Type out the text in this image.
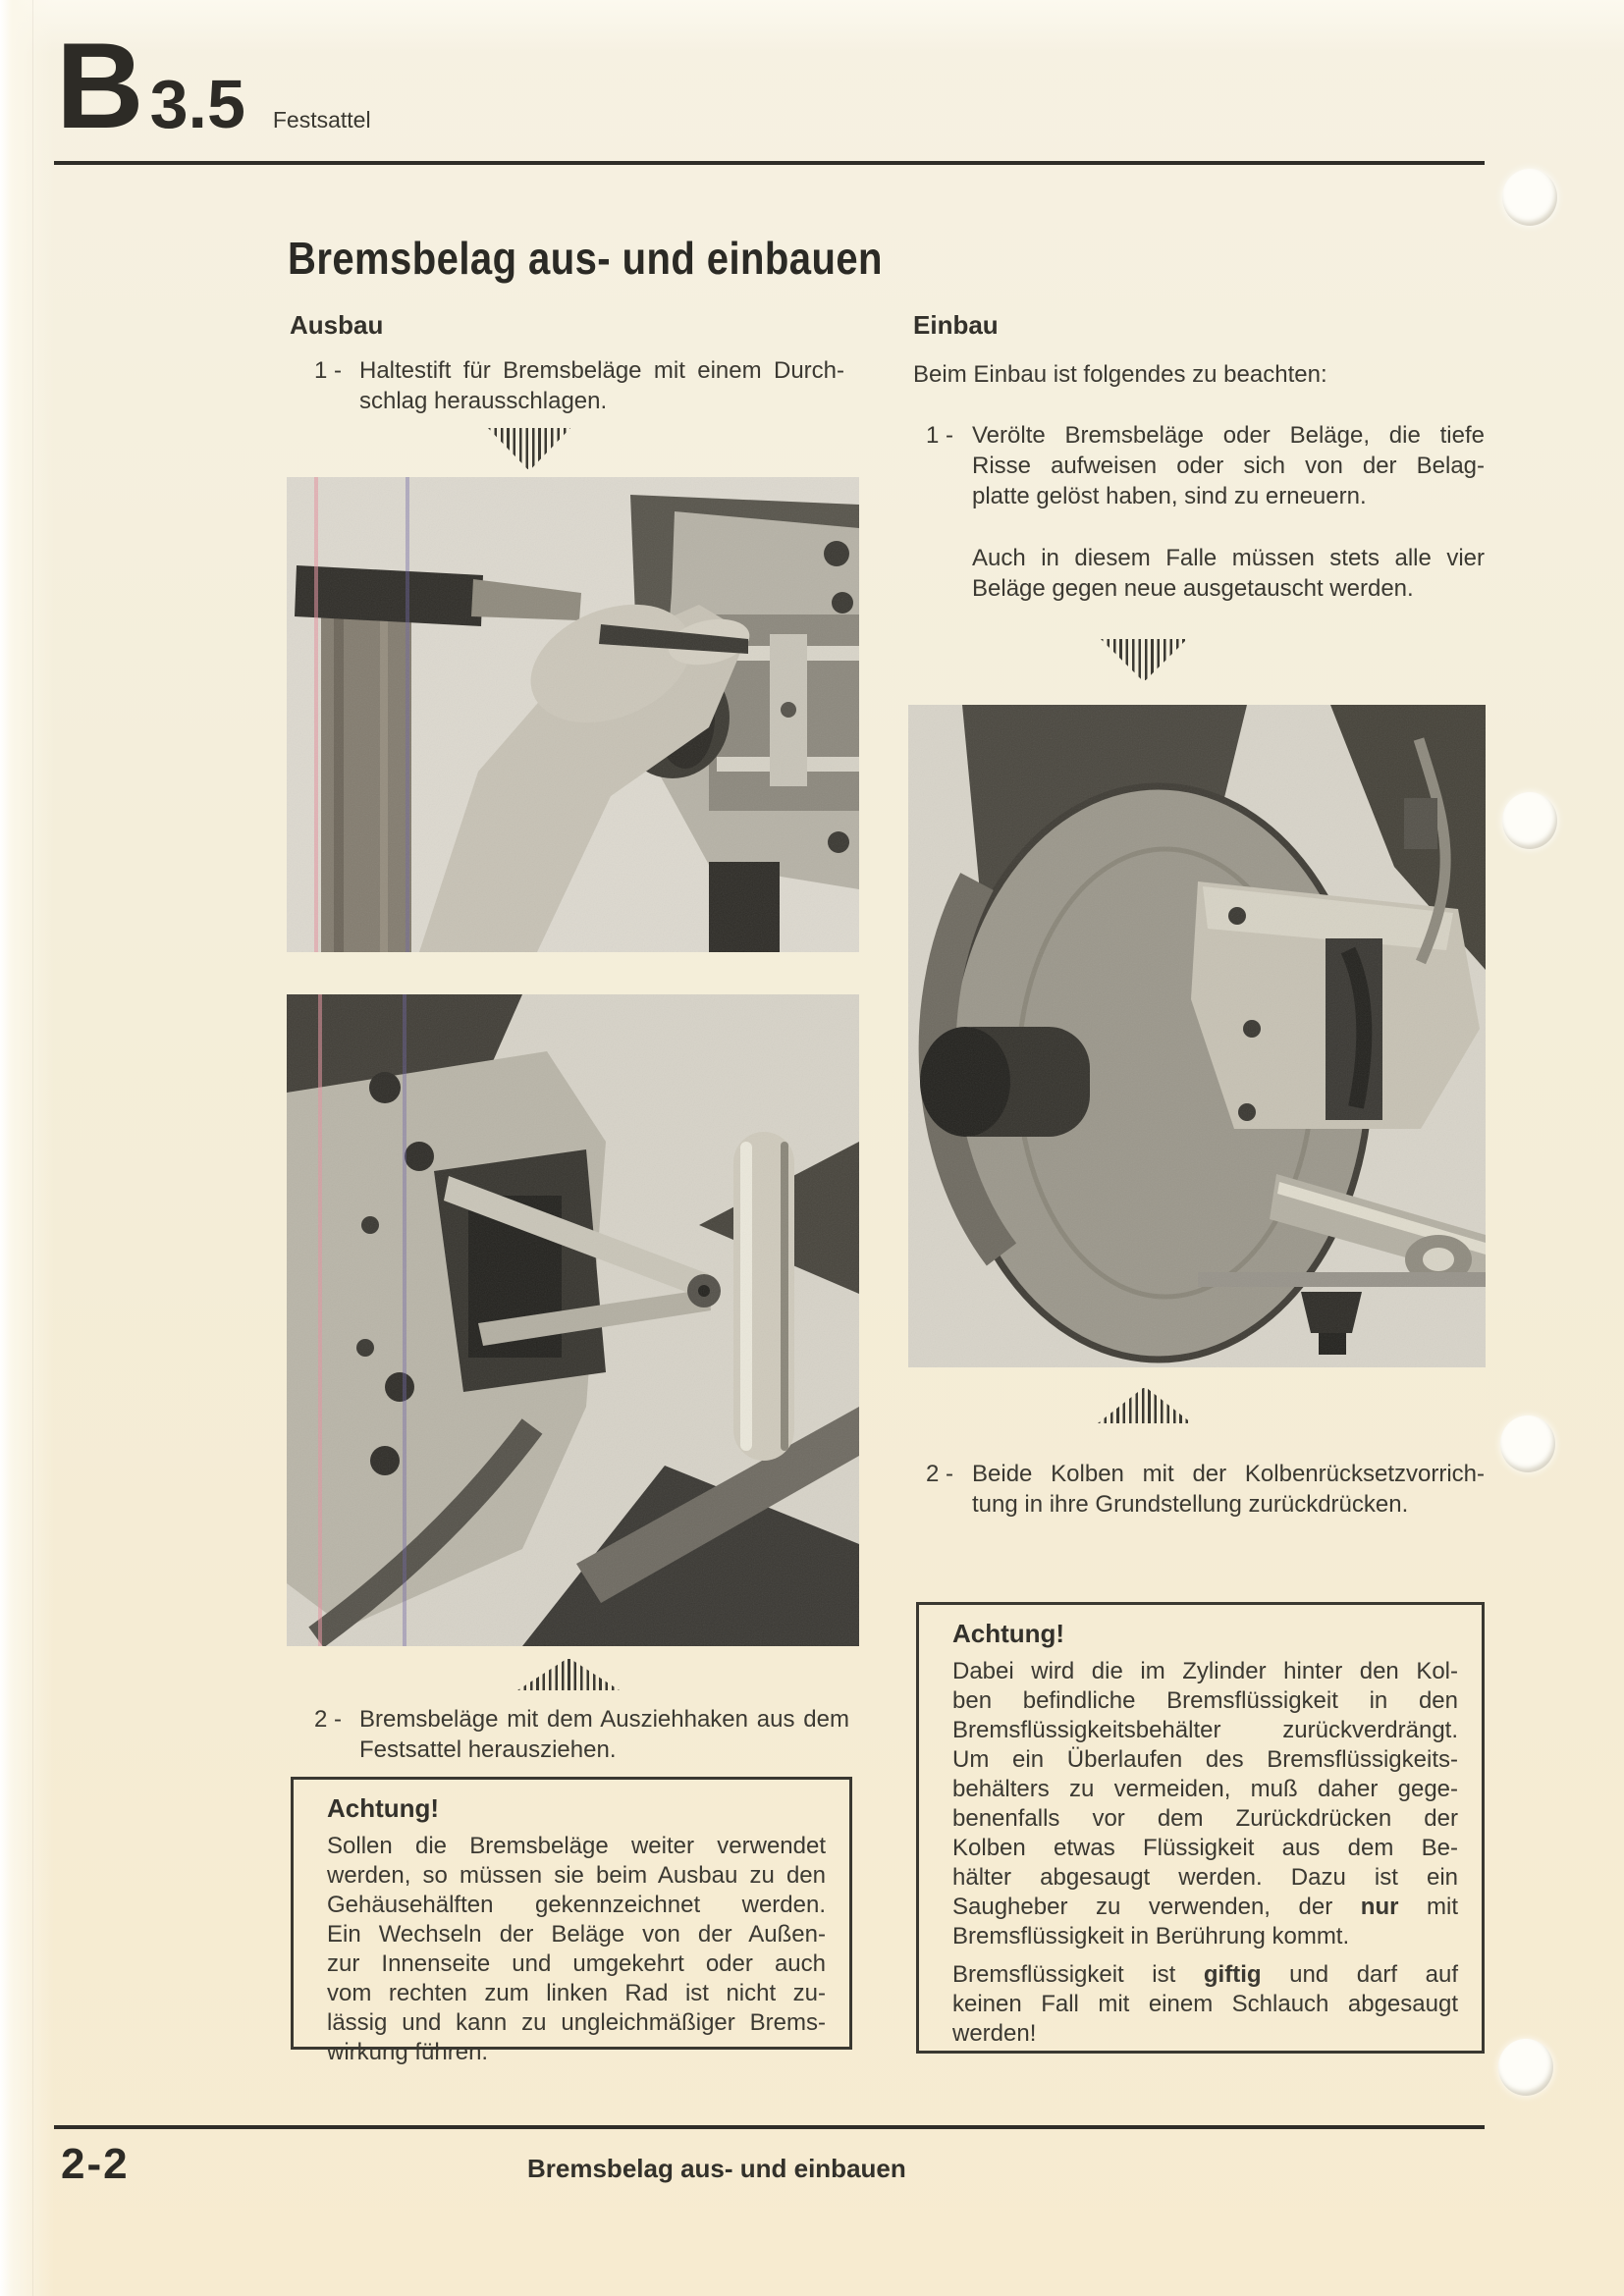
B 3.5 Festsattel
Bremsbelag aus- und einbauen
Ausbau
1 - Haltestift für Bremsbeläge mit einem Durch-
schlag herausschlagen.
2 - Bremsbeläge mit dem Ausziehhaken aus dem
Festsattel herausziehen.
Achtung!
Sollen die Bremsbeläge weiter verwendet
werden, so müssen sie beim Ausbau zu den
Gehäusehälften gekennzeichnet werden.
Ein Wechseln der Beläge von der Außen-
zur Innenseite und umgekehrt oder auch
vom rechten zum linken Rad ist nicht zu-
lässig und kann zu ungleichmäßiger Brems-
wirkung führen.
Einbau
Beim Einbau ist folgendes zu beachten:
1 - Verölte Bremsbeläge oder Beläge, die tiefe
Risse aufweisen oder sich von der Belag-
platte gelöst haben, sind zu erneuern.
Auch in diesem Falle müssen stets alle vier
Beläge gegen neue ausgetauscht werden.
2 - Beide Kolben mit der Kolbenrücksetzvorrich-
tung in ihre Grundstellung zurückdrücken.
Achtung!
Dabei wird die im Zylinder hinter den Kol-
ben befindliche Bremsflüssigkeit in den
Bremsflüssigkeitsbehälter zurückverdrängt.
Um ein Überlaufen des Bremsflüssigkeits-
behälters zu vermeiden, muß daher gege-
benenfalls vor dem Zurückdrücken der
Kolben etwas Flüssigkeit aus dem Be-
hälter abgesaugt werden. Dazu ist ein
Saugheber zu verwenden, der nur mit
Bremsflüssigkeit in Berührung kommt.
Bremsflüssigkeit ist giftig und darf auf
keinen Fall mit einem Schlauch abgesaugt
werden!
2-2	Bremsbelag aus- und einbauen
